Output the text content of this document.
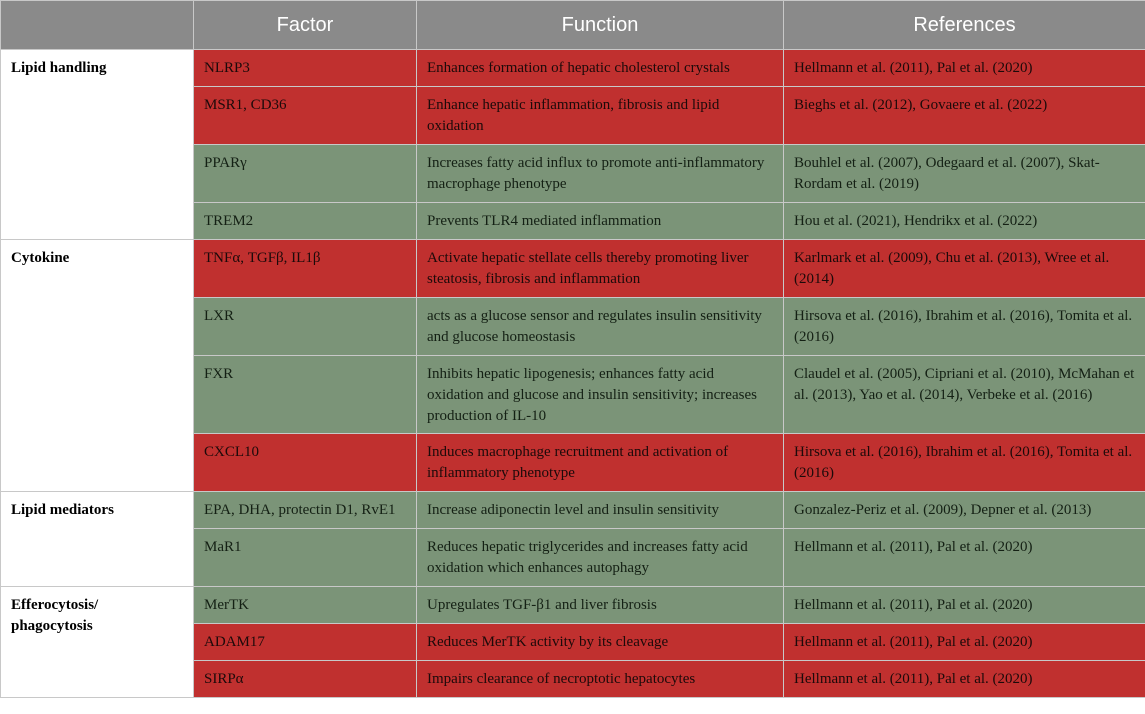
	Factor	Function	References
Lipid handling	NLRP3	Enhances formation of hepatic cholesterol crystals	Hellmann et al. (2011), Pal et al. (2020)
	MSR1, CD36	Enhance hepatic inflammation, fibrosis and lipid oxidation	Bieghs et al. (2012), Govaere et al. (2022)
	PPARγ	Increases fatty acid influx to promote anti-inflammatory macrophage phenotype	Bouhlel et al. (2007), Odegaard et al. (2007), Skat-Rordam et al. (2019)
	TREM2	Prevents TLR4 mediated inflammation	Hou et al. (2021), Hendrikx et al. (2022)
Cytokine	TNFα, TGFβ, IL1β	Activate hepatic stellate cells thereby promoting liver steatosis, fibrosis and inflammation	Karlmark et al. (2009), Chu et al. (2013), Wree et al. (2014)
	LXR	acts as a glucose sensor and regulates insulin sensitivity and glucose homeostasis	Hirsova et al. (2016), Ibrahim et al. (2016), Tomita et al. (2016)
	FXR	Inhibits hepatic lipogenesis; enhances fatty acid oxidation and glucose and insulin sensitivity; increases production of IL-10	Claudel et al. (2005), Cipriani et al. (2010), McMahan et al. (2013), Yao et al. (2014), Verbeke et al. (2016)
	CXCL10	Induces macrophage recruitment and activation of inflammatory phenotype	Hirsova et al. (2016), Ibrahim et al. (2016), Tomita et al. (2016)
Lipid mediators	EPA, DHA, protectin D1, RvE1	Increase adiponectin level and insulin sensitivity	Gonzalez-Periz et al. (2009), Depner et al. (2013)
	MaR1	Reduces hepatic triglycerides and increases fatty acid oxidation which enhances autophagy	Hellmann et al. (2011), Pal et al. (2020)
Efferocytosis/ phagocytosis	MerTK	Upregulates TGF-β1 and liver fibrosis	Hellmann et al. (2011), Pal et al. (2020)
	ADAM17	Reduces MerTK activity by its cleavage	Hellmann et al. (2011), Pal et al. (2020)
	SIRPα	Impairs clearance of necroptotic hepatocytes	Hellmann et al. (2011), Pal et al. (2020)
